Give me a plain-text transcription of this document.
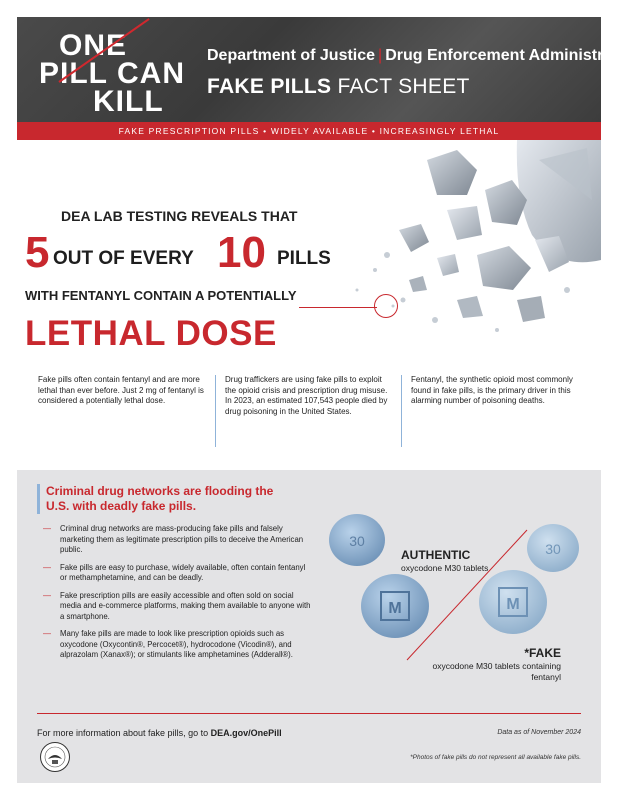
ONE
PILL CAN
KILL
Department of Justice | Drug Enforcement Administration
FAKE PILLS FACT SHEET
FAKE PRESCRIPTION PILLS • WIDELY AVAILABLE • INCREASINGLY LETHAL
DEA LAB TESTING REVEALS THAT
5 OUT OF EVERY 10 PILLS
WITH FENTANYL CONTAIN A POTENTIALLY
LETHAL DOSE

Fake pills often contain fentanyl and are more lethal than ever before. Just 2 mg of fentanyl is considered a potentially lethal dose.

Drug traffickers are using fake pills to exploit the opioid crisis and prescription drug misuse. In 2023, an estimated 107,543 people died by drug poisoning in the United States.

Fentanyl, the synthetic opioid most commonly found in fake pills, is the primary driver in this alarming number of poisoning deaths.

Criminal drug networks are flooding the U.S. with deadly fake pills.
— Criminal drug networks are mass-producing fake pills and falsely marketing them as legitimate prescription pills to deceive the American public.
— Fake pills are easy to purchase, widely available, often contain fentanyl or methamphetamine, and can be deadly.
— Fake prescription pills are easily accessible and often sold on social media and e-commerce platforms, making them available to anyone with a smartphone.
— Many fake pills are made to look like prescription opioids such as oxycodone (Oxycontin®, Percocet®), hydrocodone (Vicodin®), and alprazolam (Xanax®); or stimulants like amphetamines (Adderall®).
30
M
30
M
AUTHENTIC
oxycodone M30 tablets
*FAKE
oxycodone M30 tablets containing fentanyl
For more information about fake pills, go to DEA.gov/OnePill	Data as of November 2024
*Photos of fake pills do not represent all available fake pills.
